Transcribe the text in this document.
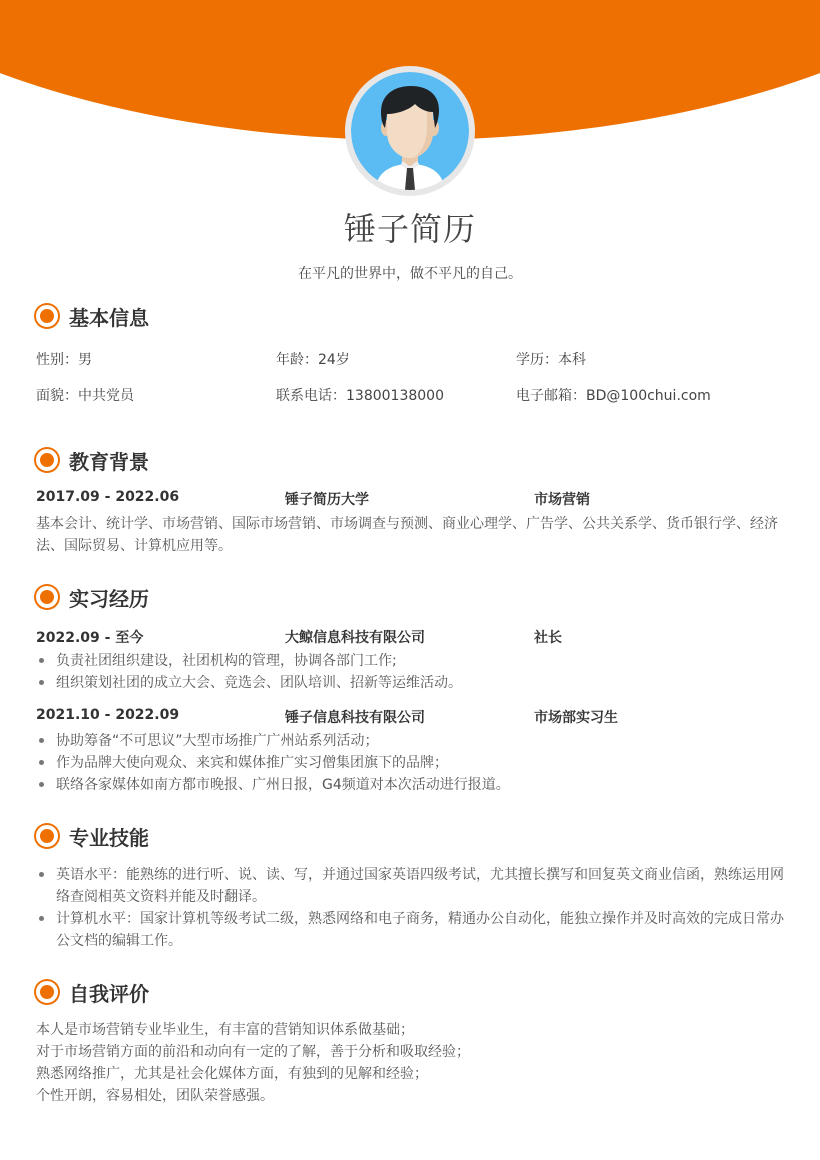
锤子简历
在平凡的世界中，做不平凡的自己。
基本信息
性别：男	年龄：24岁	学历：本科
面貌：中共党员	联系电话：13800138000	电子邮箱：BD@100chui.com
教育背景
2017.09 - 2022.06	锤子简历大学	市场营销
基本会计、统计学、市场营销、国际市场营销、市场调查与预测、商业心理学、广告学、公共关系学、货币银行学、经济法、国际贸易、计算机应用等。
实习经历
2022.09 - 至今	大鲸信息科技有限公司	社长
负责社团组织建设，社团机构的管理，协调各部门工作;
组织策划社团的成立大会、竞选会、团队培训、招新等运维活动。
2021.10 - 2022.09	锤子信息科技有限公司	市场部实习生
协助筹备“不可思议”大型市场推广广州站系列活动；
作为品牌大使向观众、来宾和媒体推广实习僧集团旗下的品牌；
联络各家媒体如南方都市晚报、广州日报，G4频道对本次活动进行报道。
专业技能
英语水平：能熟练的进行听、说、读、写，并通过国家英语四级考试，尤其擅长撰写和回复英文商业信函，熟练运用网络查阅相英文资料并能及时翻译。
计算机水平：国家计算机等级考试二级，熟悉网络和电子商务，精通办公自动化，能独立操作并及时高效的完成日常办公文档的编辑工作。
自我评价
本人是市场营销专业毕业生，有丰富的营销知识体系做基础；
对于市场营销方面的前沿和动向有一定的了解，善于分析和吸取经验；
熟悉网络推广，尤其是社会化媒体方面，有独到的见解和经验；
个性开朗，容易相处，团队荣誉感强。
